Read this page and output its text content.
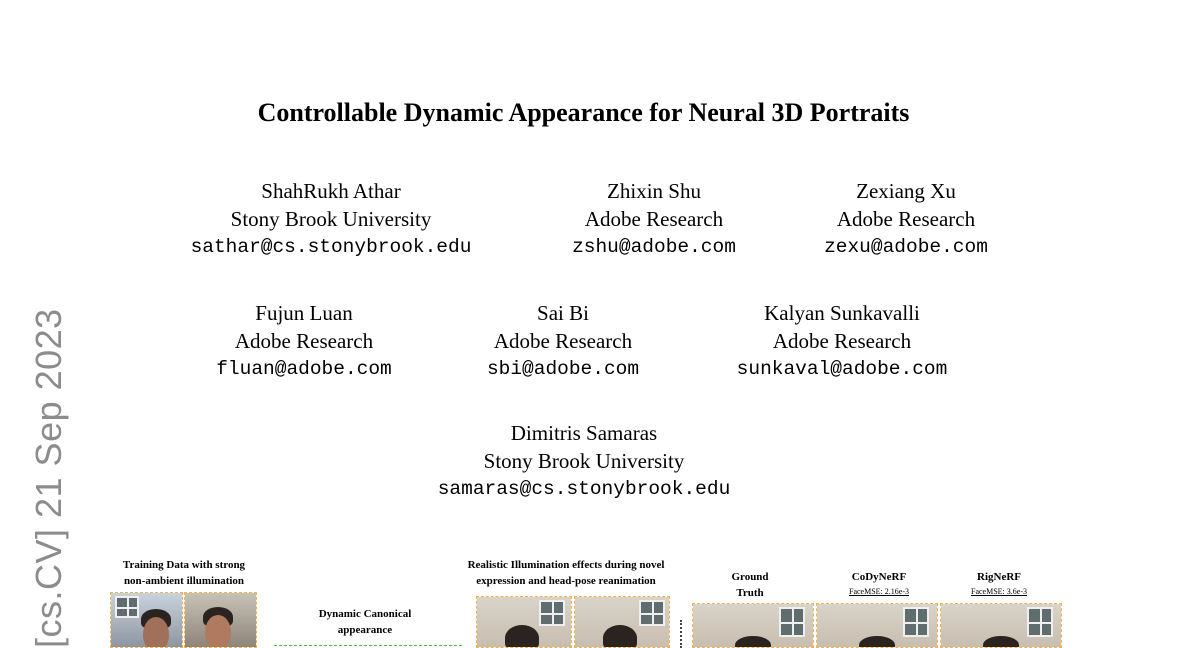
[cs.CV] 21 Sep 2023
Controllable Dynamic Appearance for Neural 3D Portraits
ShahRukh Athar
Stony Brook University
sathar@cs.stonybrook.edu
Zhixin Shu
Adobe Research
zshu@adobe.com
Zexiang Xu
Adobe Research
zexu@adobe.com
Fujun Luan
Adobe Research
fluan@adobe.com
Sai Bi
Adobe Research
sbi@adobe.com
Kalyan Sunkavalli
Adobe Research
sunkaval@adobe.com
Dimitris Samaras
Stony Brook University
samaras@cs.stonybrook.edu
Training Data with strong
non-ambient illumination
Dynamic Canonical
appearance
Realistic Illumination effects during novel
expression and head-pose reanimation	Ground
Truth
CoDyNeRF
FaceMSE: 2.16e-3
RigNeRF
FaceMSE: 3.6e-3
